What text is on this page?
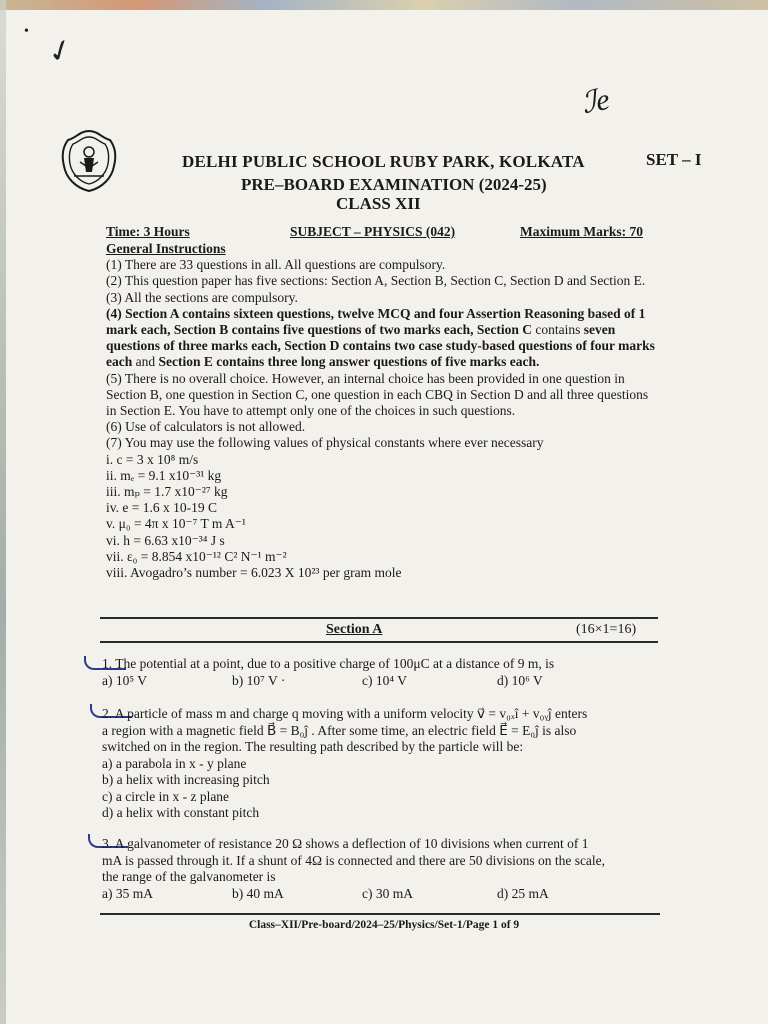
•
✓
ℐe
DELHI PUBLIC SCHOOL RUBY PARK, KOLKATA
PRE–BOARD EXAMINATION (2024-25)
CLASS XII
SET – I
Time: 3 Hours	SUBJECT – PHYSICS (042)	Maximum Marks: 70

General Instructions

(1) There are 33 questions in all. All questions are compulsory.

(2) This question paper has five sections: Section A, Section B, Section C, Section D and Section E.

(3) All the sections are compulsory.

(4) Section A contains sixteen questions, twelve MCQ and four Assertion Reasoning based of 1 mark each, Section B contains five questions of two marks each, Section C contains seven questions of three marks each, Section D contains two case study-based questions of four marks each and Section E contains three long answer questions of five marks each.

(5) There is no overall choice. However, an internal choice has been provided in one question in Section B, one question in Section C, one question in each CBQ in Section D and all three questions in Section E. You have to attempt only one of the choices in such questions.

(6) Use of calculators is not allowed.

(7) You may use the following values of physical constants where ever necessary

i. c = 3 x 10⁸ m/s

ii. mₑ = 9.1 x10⁻³¹ kg

iii. mₚ = 1.7 x10⁻²⁷ kg

iv. e = 1.6 x 10-19 C

v. μ₀ = 4π x 10⁻⁷ T m A⁻¹

vi. h = 6.63 x10⁻³⁴ J s

vii. ε₀ = 8.854 x10⁻¹² C² N⁻¹ m⁻²

viii. Avogadro’s number = 6.023 X 10²³ per gram mole

Section A	(16×1=16)
1. The potential at a point, due to a positive charge of 100μC at a distance of 9 m, is
a) 10⁵ V	b) 10⁷ V ·	c) 10⁴ V	d) 10⁶ V
2. A particle of mass m and charge q moving with a uniform velocity v⃗ = v₀ₓî + v₀ᵧĵ enters
a region with a magnetic field B⃗ = B₀ĵ . After some time, an electric field E⃗ = E₀ĵ is also
switched on in the region. The resulting path described by the particle will be:
a) a parabola in x - y plane
b) a helix with increasing pitch
c) a circle in x - z plane
d) a helix with constant pitch
3. A galvanometer of resistance 20 Ω shows a deflection of 10 divisions when current of 1
mA is passed through it. If a shunt of 4Ω is connected and there are 50 divisions on the scale,
the range of the galvanometer is
a) 35 mA	b) 40 mA	c) 30 mA	d) 25 mA
Class–XII/Pre-board/2024–25/Physics/Set-1/Page 1 of 9
